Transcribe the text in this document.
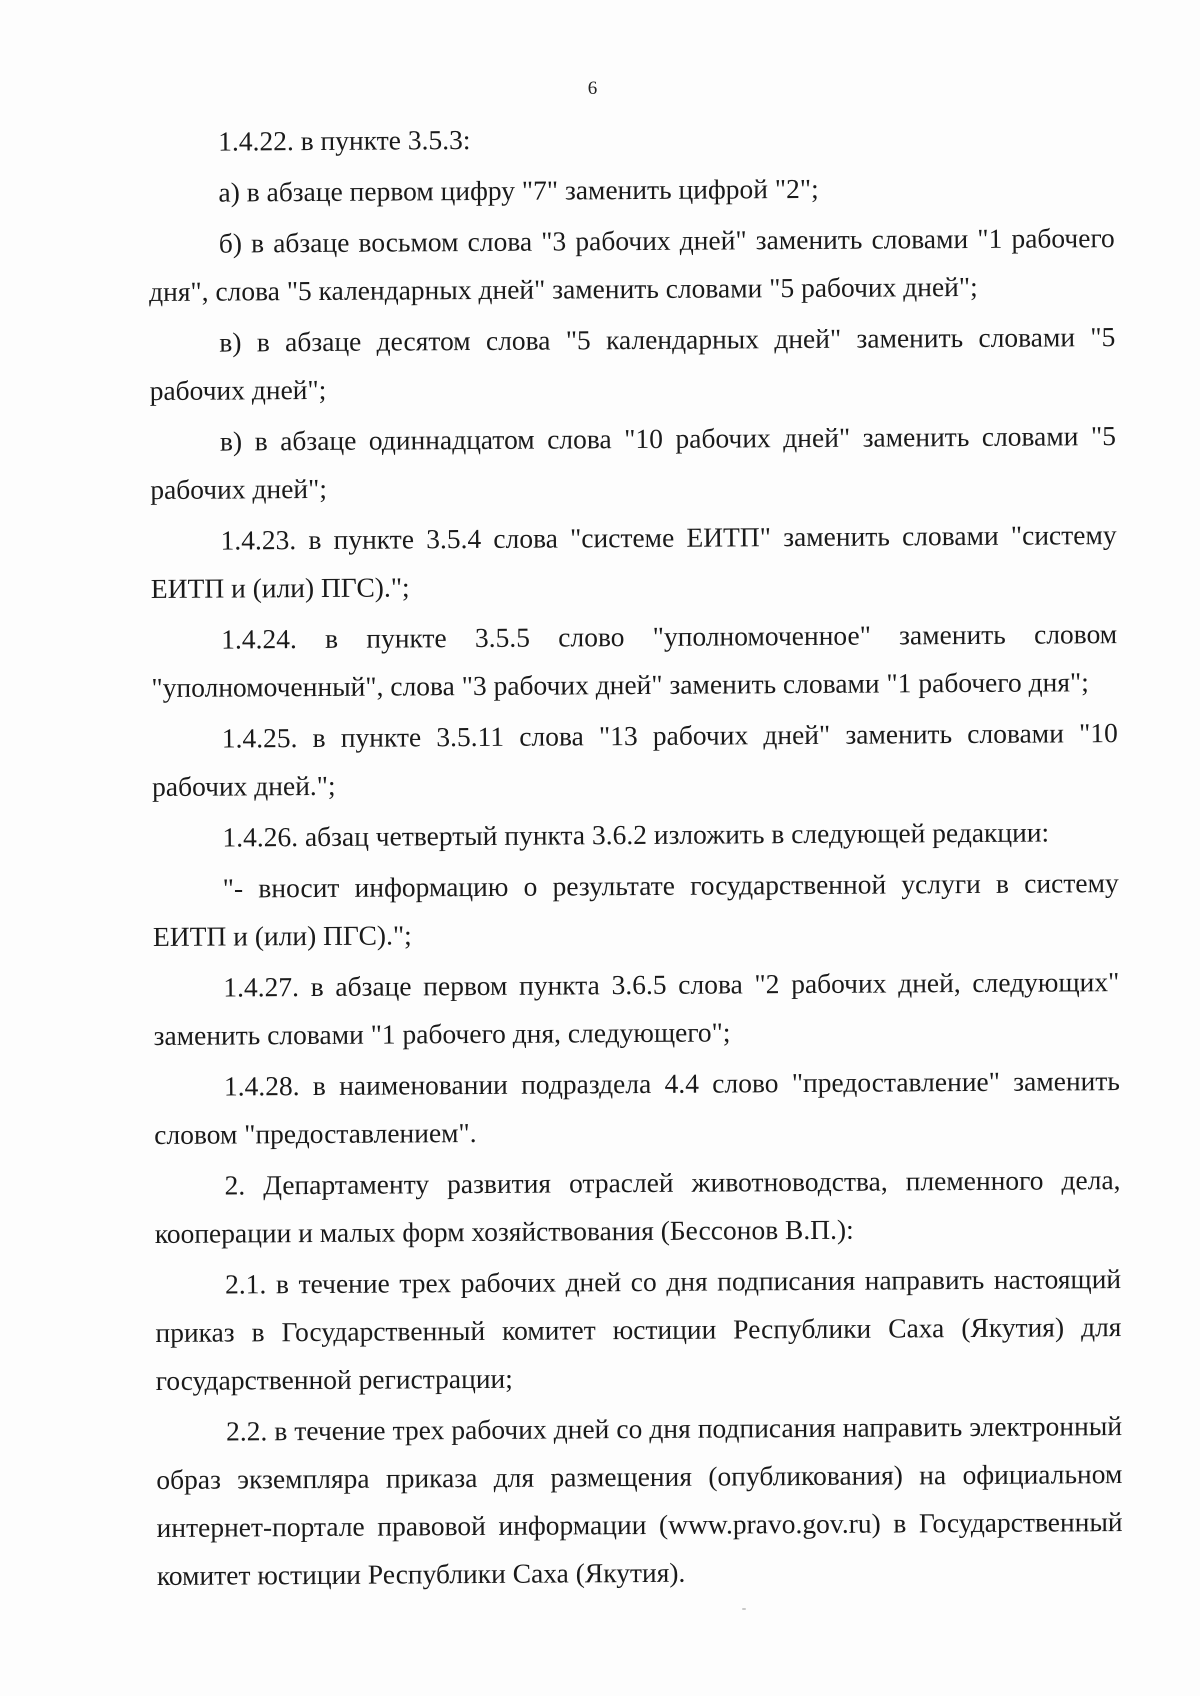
6

1.4.22. в пункте 3.5.3:

а) в абзаце первом цифру "7" заменить цифрой "2";

б) в абзаце восьмом слова "3 рабочих дней" заменить словами "1 рабочего дня", слова "5 календарных дней" заменить словами "5 рабочих дней";

в) в абзаце десятом слова "5 календарных дней" заменить словами "5 рабочих дней";

в) в абзаце одиннадцатом слова "10 рабочих дней" заменить словами "5 рабочих дней";

1.4.23. в пункте 3.5.4 слова "системе ЕИТП" заменить словами "систему ЕИТП и (или) ПГС).";

1.4.24. в пункте 3.5.5 слово "уполномоченное" заменить словом "уполномоченный", слова "3 рабочих дней" заменить словами "1 рабочего дня";

1.4.25. в пункте 3.5.11 слова "13 рабочих дней" заменить словами "10 рабочих дней.";

1.4.26. абзац четвертый пункта 3.6.2 изложить в следующей редакции:

"- вносит информацию о результате государственной услуги в систему ЕИТП и (или) ПГС).";

1.4.27. в абзаце первом пункта 3.6.5 слова "2 рабочих дней, следующих" заменить словами "1 рабочего дня, следующего";

1.4.28. в наименовании подраздела 4.4 слово "предоставление" заменить словом "предоставлением".

2. Департаменту развития отраслей животноводства, племенного дела, кооперации и малых форм хозяйствования (Бессонов В.П.):

2.1. в течение трех рабочих дней со дня подписания направить настоящий приказ в Государственный комитет юстиции Республики Саха (Якутия) для государственной регистрации;

2.2. в течение трех рабочих дней со дня подписания направить электронный образ экземпляра приказа для размещения (опубликования) на официальном интернет-портале правовой информации (www.pravo.gov.ru) в Государственный комитет юстиции Республики Саха (Якутия).
